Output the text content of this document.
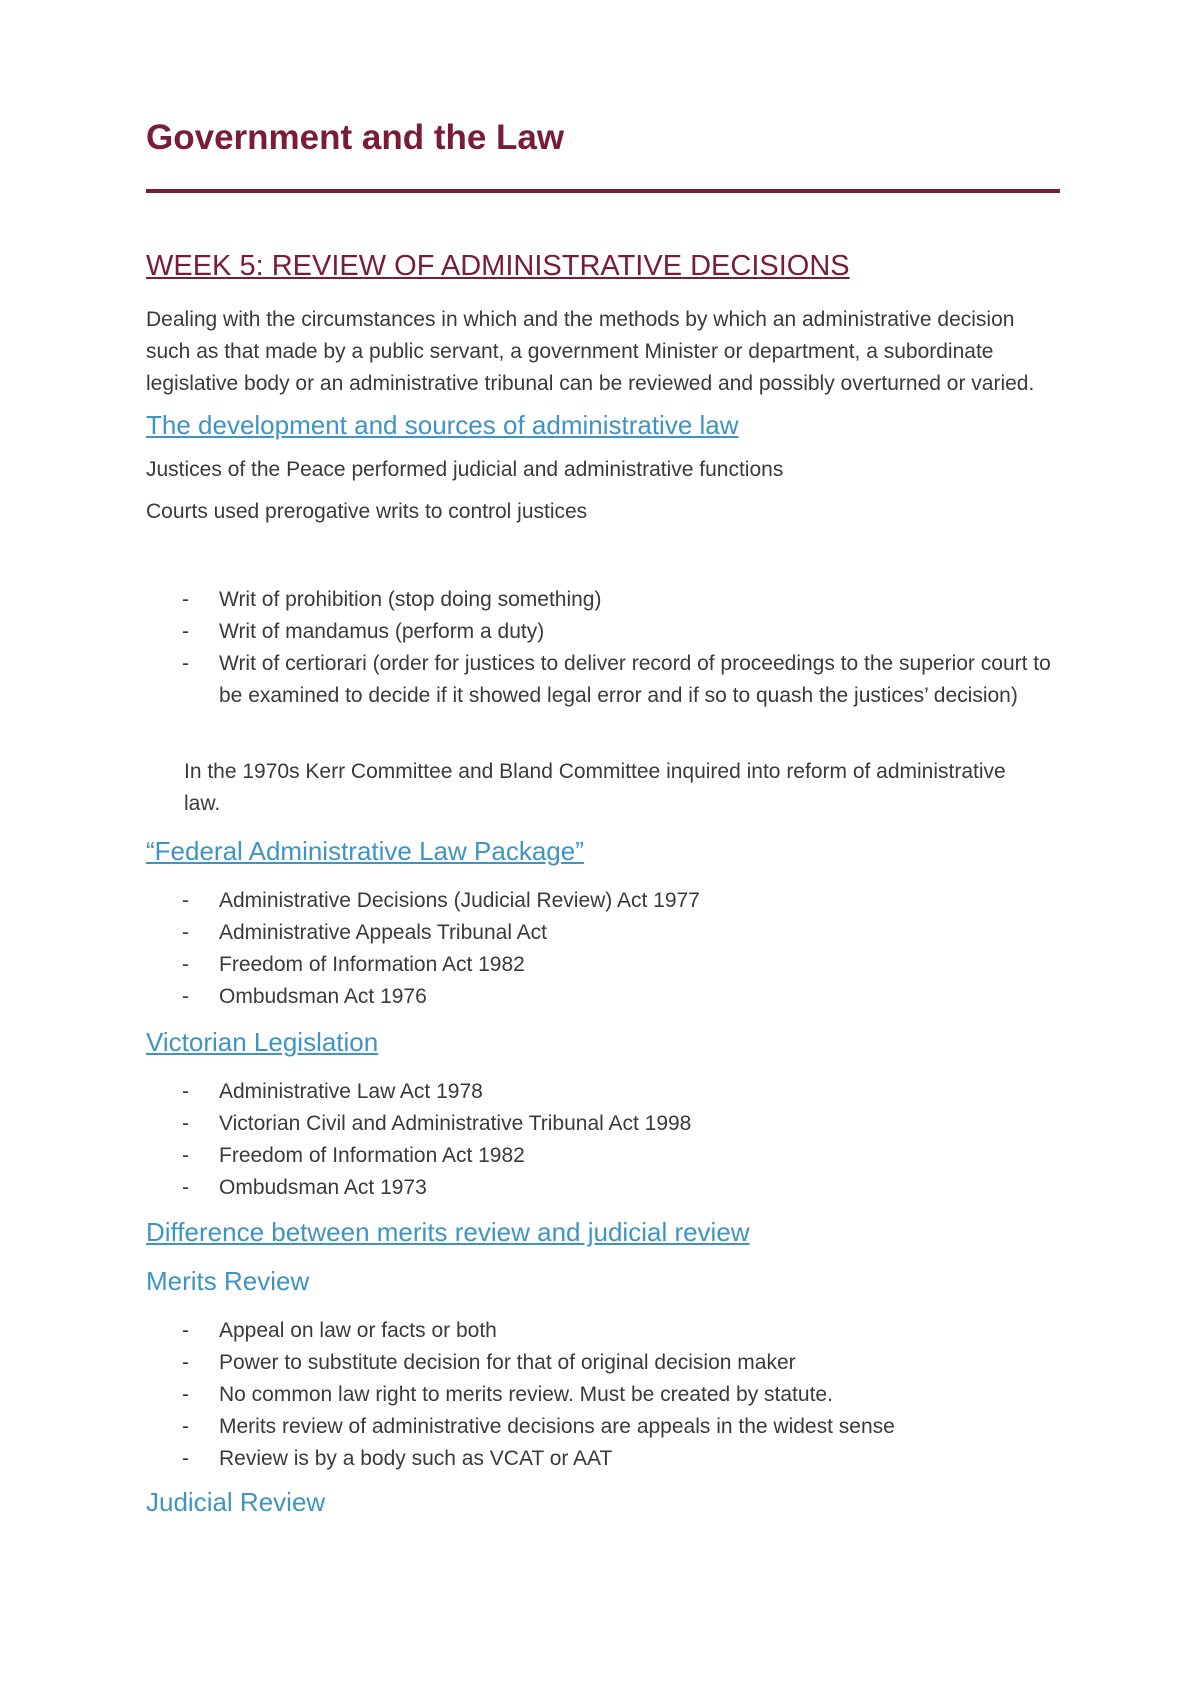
Government and the Law
WEEK 5: REVIEW OF ADMINISTRATIVE DECISIONS

Dealing with the circumstances in which and the methods by which an administrative decision such as that made by a public servant, a government Minister or department, a subordinate legislative body or an administrative tribunal can be reviewed and possibly overturned or varied.

The development and sources of administrative law

Justices of the Peace performed judicial and administrative functions

Courts used prerogative writs to control justices

- Writ of prohibition (stop doing something)
- Writ of mandamus (perform a duty)
- Writ of certiorari (order for justices to deliver record of proceedings to the superior court to be examined to decide if it showed legal error and if so to quash the justices’ decision)

In the 1970s Kerr Committee and Bland Committee inquired into reform of administrative law.

“Federal Administrative Law Package”
- Administrative Decisions (Judicial Review) Act 1977
- Administrative Appeals Tribunal Act
- Freedom of Information Act 1982
- Ombudsman Act 1976
Victorian Legislation
- Administrative Law Act 1978
- Victorian Civil and Administrative Tribunal Act 1998
- Freedom of Information Act 1982
- Ombudsman Act 1973
Difference between merits review and judicial review
Merits Review
- Appeal on law or facts or both
- Power to substitute decision for that of original decision maker
- No common law right to merits review. Must be created by statute.
- Merits review of administrative decisions are appeals in the widest sense
- Review is by a body such as VCAT or AAT
Judicial Review
